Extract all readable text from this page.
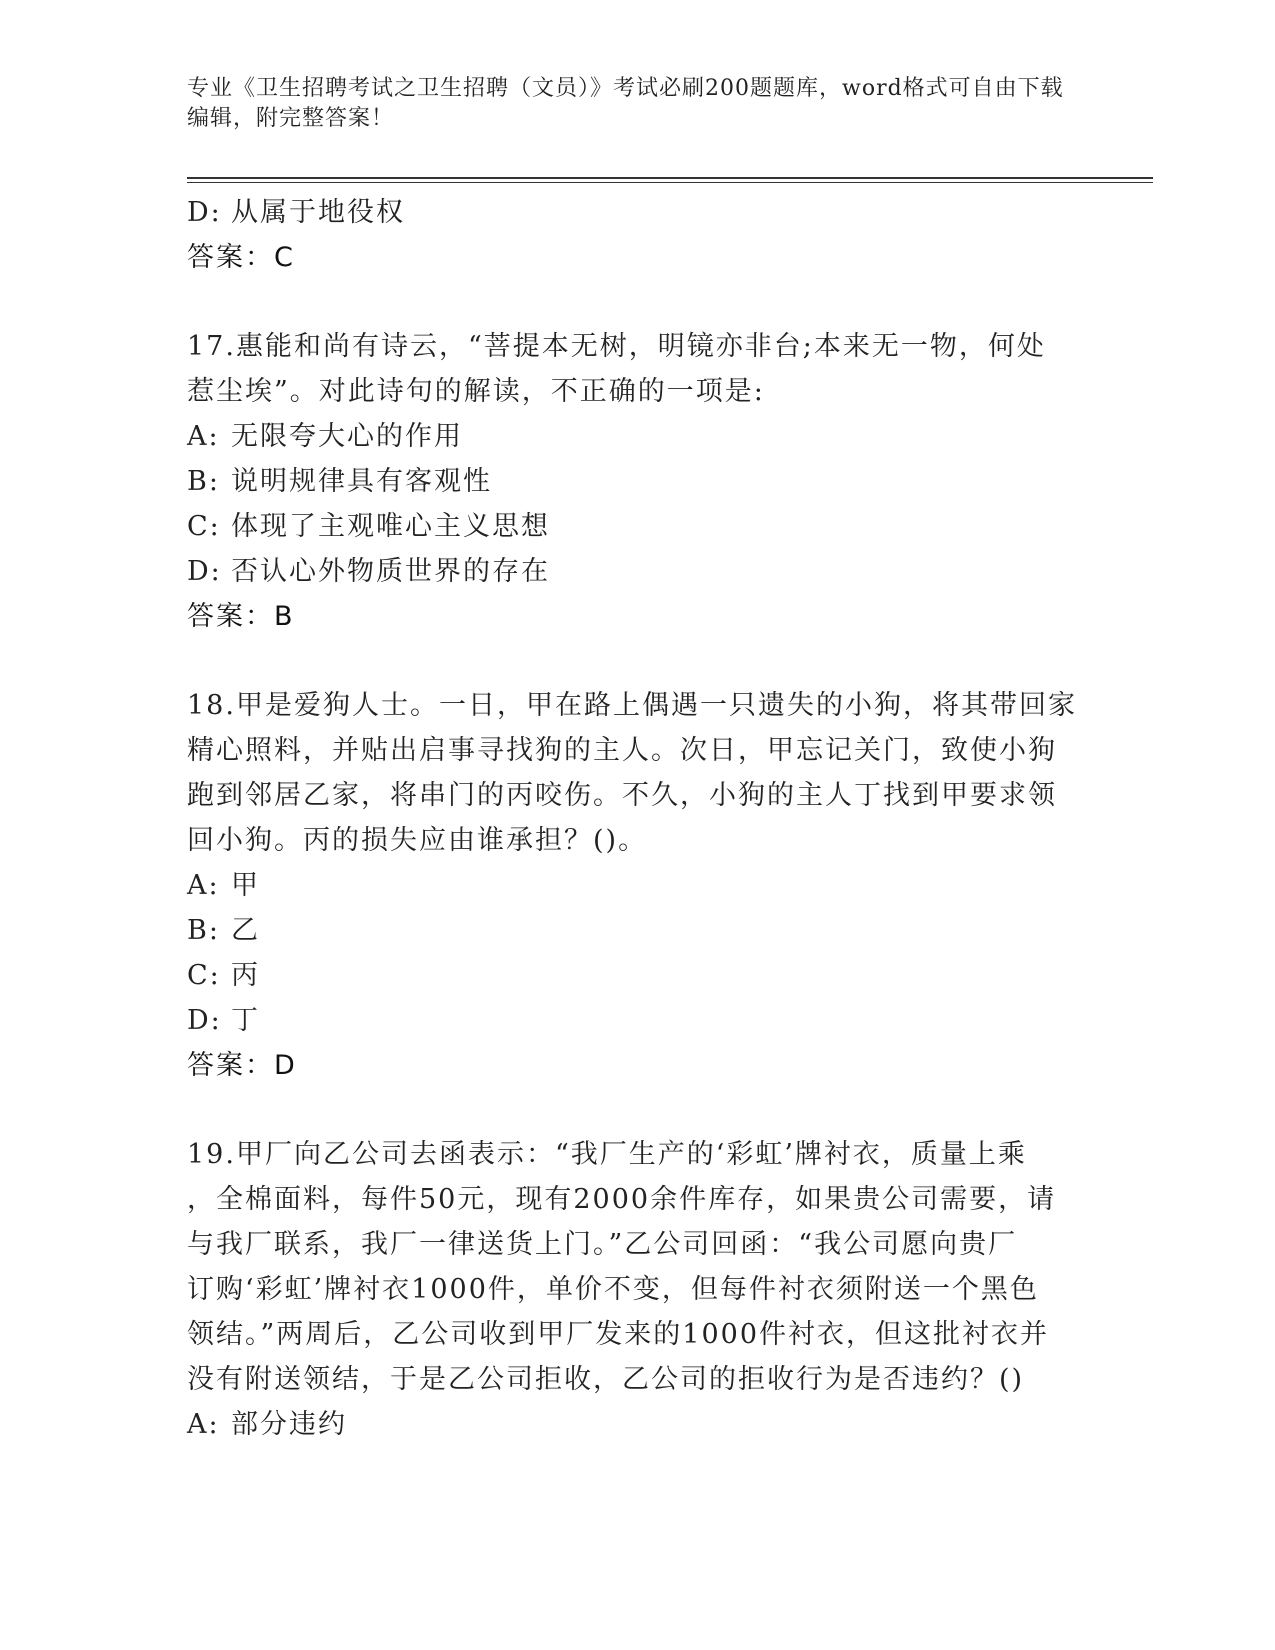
专业《卫生招聘考试之卫生招聘（文员）》考试必刷200题题库，word格式可自由下载编辑，附完整答案！
D: 从属于地役权
答案：C
17.惠能和尚有诗云，“菩提本无树，明镜亦非台;本来无一物，何处
惹尘埃”。对此诗句的解读，不正确的一项是:
A: 无限夸大心的作用
B: 说明规律具有客观性
C: 体现了主观唯心主义思想
D: 否认心外物质世界的存在
答案：B
18.甲是爱狗人士。一日，甲在路上偶遇一只遗失的小狗，将其带回家
精心照料，并贴出启事寻找狗的主人。次日，甲忘记关门，致使小狗
跑到邻居乙家，将串门的丙咬伤。不久，小狗的主人丁找到甲要求领
回小狗。丙的损失应由谁承担？()。
A: 甲
B: 乙
C: 丙
D: 丁
答案：D
19.甲厂向乙公司去函表示：“我厂生产的‘彩虹’牌衬衣，质量上乘
，全棉面料，每件50元，现有2000余件库存，如果贵公司需要，请
与我厂联系，我厂一律送货上门。”乙公司回函：“我公司愿向贵厂
订购‘彩虹’牌衬衣1000件，单价不变，但每件衬衣须附送一个黑色
领结。”两周后，乙公司收到甲厂发来的1000件衬衣，但这批衬衣并
没有附送领结，于是乙公司拒收，乙公司的拒收行为是否违约？()
A: 部分违约
